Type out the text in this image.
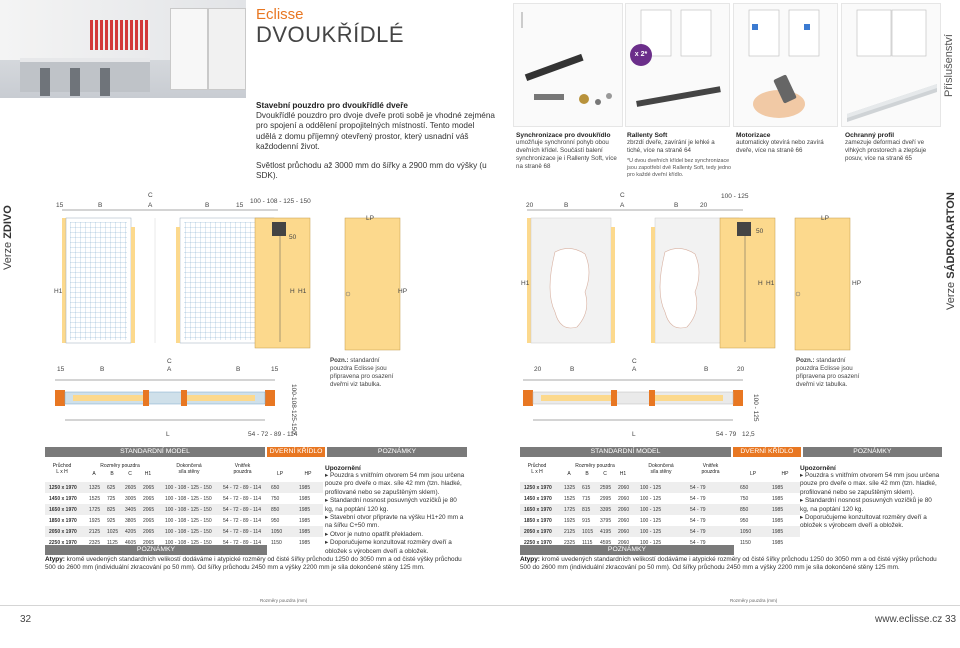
Eclisse
DVOUKŘÍDLÉ
Stavební pouzdro pro dvoukřídlé dveře
Dvoukřídlé pouzdro pro dvoje dveře proti sobě je vhodné zejména pro spojení a oddělení propojitelných místností. Tento model udělá z domu příjemný otevřený prostor, který usnadní váš každodenní život.
Světlost průchodu až 3000 mm do šířky a 2900 mm do výšky (u SDK).
x 2*
Synchronizace pro dvoukřídlo
umožňuje synchronní pohyb obou dveřních křídel. Součástí balení synchronizace je i Rallenty Soft, více na straně 68
Rallenty Soft
zbrzdí dveře, zavírání je lehké a tiché, více na straně 64
*U dvou dveřních křídel bez synchronizace jsou zapotřebí dvě Rallenty Soft, tedy jedno pro každé dveřní křídlo.
Motorizace
automaticky otevírá nebo zavírá dveře, více na straně 66
Ochranný profil
zamezuje deformaci dveří ve vlhkých prostorech a zlepšuje posuv, více na straně 65
Příslušenství
Verze ZDIVO
Verze SÁDROKARTON
15	B
C
A	B	15
100 - 108 - 125 - 150
50
H H1
H1
LP
HP
15	B
C
A	B	15
L	54 - 72 - 89 - 114
100-108-125-150
Pozn.: standardní pouzdra Eclisse jsou připravena pro osazení dveřmi viz tabulka.
20	B
C
A	B	20
100 - 125
50
H H1
H1
LP
HP
20	B
C
A	B	20
L	54 - 79 12,5
100 - 125
Pozn.: standardní pouzdra Eclisse jsou připravena pro osazení dveřmi viz tabulka.
STANDARDNÍ MODEL	DVERNÍ KŘÍDLO	POZNÁMKY
Průchod
L x H
Rozměry pouzdra
A	B	C	H1
Dokončená
síla stěny
Vnitřek
pouzdra	LP	HP
1250 x 1970	1325	625	2605	2065	100 - 108 - 125 - 150	54 - 72 - 89 - 114	650	1985
1450 x 1970	1525	725	3005	2065	100 - 108 - 125 - 150	54 - 72 - 89 - 114	750	1985
1650 x 1970	1725	825	3405	2065	100 - 108 - 125 - 150	54 - 72 - 89 - 114	850	1985
1850 x 1970	1925	925	3805	2065	100 - 108 - 125 - 150	54 - 72 - 89 - 114	950	1985
2050 x 1970	2125	1025	4205	2065	100 - 108 - 125 - 150	54 - 72 - 89 - 114	1050	1985
2250 x 1970	2325	1125	4605	2065	100 - 108 - 125 - 150	54 - 72 - 89 - 114	1150	1985
POZNÁMKY
Upozornění
▸ Pouzdra s vnitřním otvorem 54 mm jsou určena pouze pro dveře o max. síle 42 mm (tzn. hladké, profilované nebo se zapuštěným sklem).
▸ Standardní nosnost posuvných vozíčků je 80 kg, na poptání 120 kg.
▸ Stavební otvor připravte na výšku H1+20 mm a na šířku C+50 mm.
▸ Otvor je nutno opatřit překladem.
▸ Doporučujeme konzultovat rozměry dveří a obložek s výrobcem dveří a obložek.
Atypy: kromě uvedených standardních velikostí dodáváme i atypické rozměry od čisté šířky průchodu 1250 do 3050 mm a od čisté výšky průchodu 500 do 2600 mm (individuální zkracování po 50 mm). Od šířky průchodu 2450 mm a výšky 2200 mm je síla dokončené stěny 125 mm.
Rozměry pouzdra (mm)
STANDARDNÍ MODEL	DVERNÍ KŘÍDLO	POZNÁMKY
Průchod
L x H
Rozměry pouzdra
A	B	C	H1
Dokončená
síla stěny
Vnitřek
pouzdra	LP	HP
1250 x 1970	1325	615	2595	2060	100 - 125	54 - 79	650	1985
1450 x 1970	1525	715	2995	2060	100 - 125	54 - 79	750	1985
1650 x 1970	1725	815	3395	2060	100 - 125	54 - 79	850	1985
1850 x 1970	1925	915	3795	2060	100 - 125	54 - 79	950	1985
2050 x 1970	2125	1015	4195	2060	100 - 125	54 - 79	1050	1985
2250 x 1970	2325	1115	4595	2060	100 - 125	54 - 79	1150	1985
POZNÁMKY
Upozornění
▸ Pouzdra s vnitřním otvorem 54 mm jsou určena pouze pro dveře o max. síle 42 mm (tzn. hladké, profilované nebo se zapuštěným sklem).
▸ Standardní nosnost posuvných vozíčků je 80 kg, na poptání 120 kg.
▸ Doporučujeme konzultovat rozměry dveří a obložek s výrobcem dveří a obložek.
Atypy: kromě uvedených standardních velikostí dodáváme i atypické rozměry od čisté šířky průchodu 1250 do 3050 mm a od čisté výšky průchodu 500 do 2600 mm (individuální zkracování po 50 mm). Od šířky průchodu 2450 mm a výšky 2200 mm je síla dokončené stěny 125 mm.
Rozměry pouzdra (mm)
32	www.eclisse.cz 33
